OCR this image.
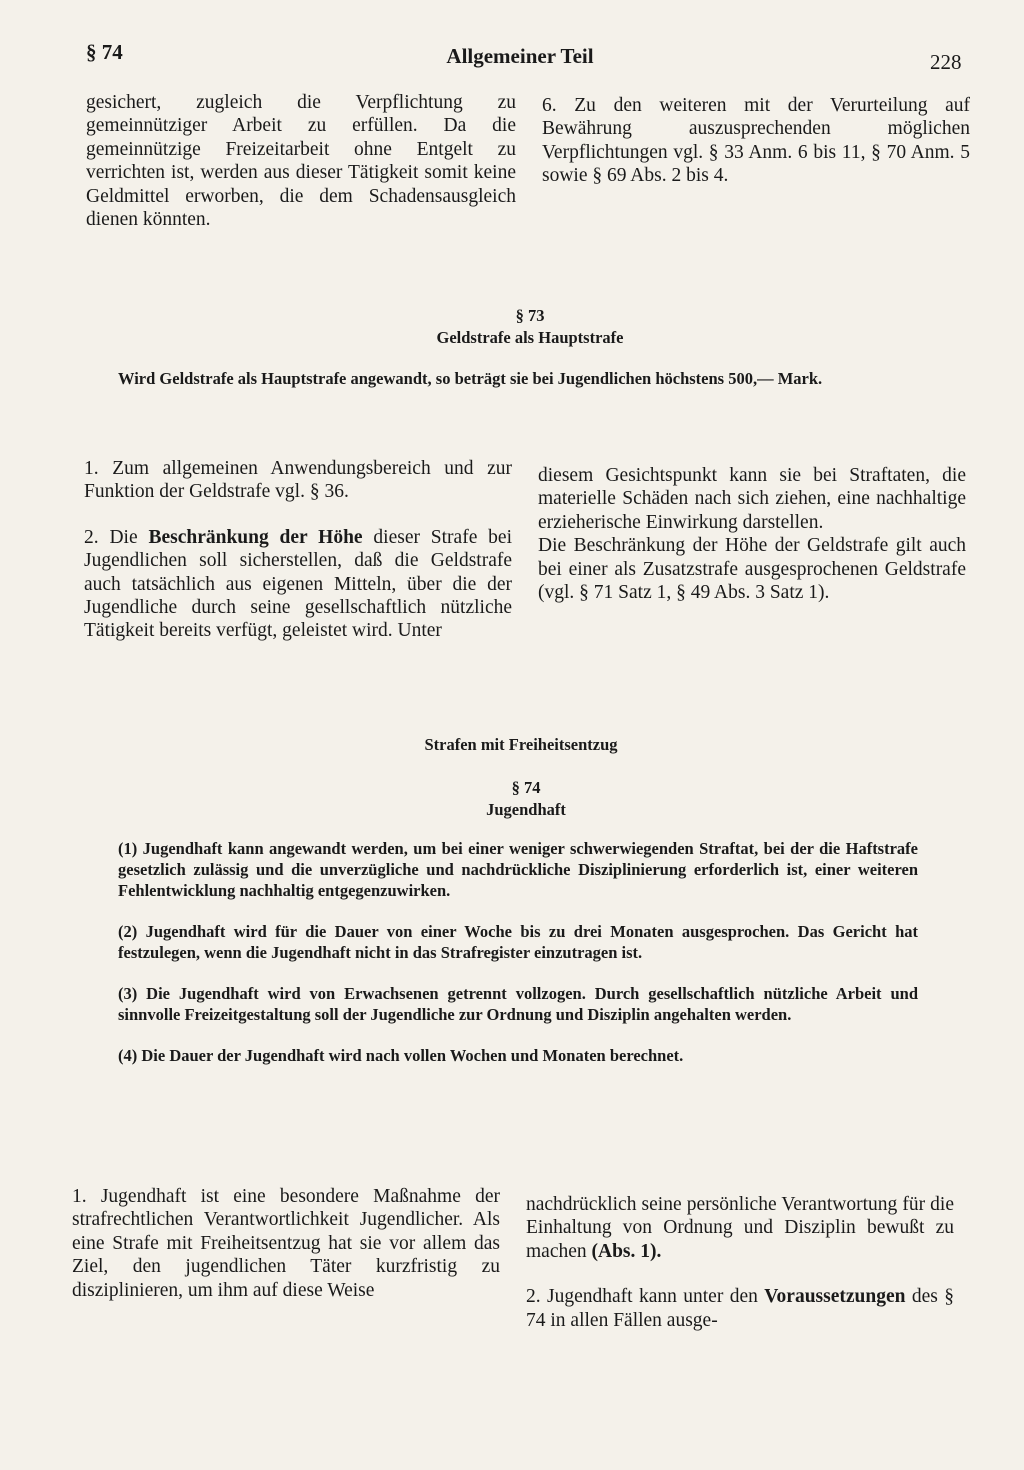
§ 74	Allgemeiner Teil	228

gesichert, zugleich die Verpflichtung zu gemeinnütziger Arbeit zu erfüllen. Da die gemeinnützige Freizeitarbeit ohne Entgelt zu verrichten ist, werden aus dieser Tätigkeit somit keine Geldmittel erworben, die dem Schadensausgleich dienen könnten.

6. Zu den weiteren mit der Verurteilung auf Bewährung auszusprechenden möglichen Verpflichtungen vgl. § 33 Anm. 6 bis 11, § 70 Anm. 5 sowie § 69 Abs. 2 bis 4.

§ 73
Geldstrafe als Hauptstrafe

Wird Geldstrafe als Hauptstrafe angewandt, so beträgt sie bei Jugendlichen höchstens 500,— Mark.

1. Zum allgemeinen Anwendungsbereich und zur Funktion der Geldstrafe vgl. § 36.

2. Die Beschränkung der Höhe dieser Strafe bei Jugendlichen soll sicherstellen, daß die Geldstrafe auch tatsächlich aus eigenen Mitteln, über die der Jugendliche durch seine gesellschaftlich nützliche Tätigkeit bereits verfügt, geleistet wird. Unter

diesem Gesichtspunkt kann sie bei Straftaten, die materielle Schäden nach sich ziehen, eine nachhaltige erzieherische Einwirkung darstellen.

Die Beschränkung der Höhe der Geldstrafe gilt auch bei einer als Zusatzstrafe ausgesprochenen Geldstrafe (vgl. § 71 Satz 1, § 49 Abs. 3 Satz 1).

Strafen mit Freiheitsentzug
§ 74
Jugendhaft

(1) Jugendhaft kann angewandt werden, um bei einer weniger schwerwiegenden Straftat, bei der die Haftstrafe gesetzlich zulässig und die unverzügliche und nachdrückliche Disziplinierung erforderlich ist, einer weiteren Fehlentwicklung nachhaltig entgegenzuwirken.

(2) Jugendhaft wird für die Dauer von einer Woche bis zu drei Monaten ausgesprochen. Das Gericht hat festzulegen, wenn die Jugendhaft nicht in das Strafregister einzutragen ist.

(3) Die Jugendhaft wird von Erwachsenen getrennt vollzogen. Durch gesellschaftlich nützliche Arbeit und sinnvolle Freizeitgestaltung soll der Jugendliche zur Ordnung und Disziplin angehalten werden.

(4) Die Dauer der Jugendhaft wird nach vollen Wochen und Monaten berechnet.

1. Jugendhaft ist eine besondere Maßnahme der strafrechtlichen Verantwortlichkeit Jugendlicher. Als eine Strafe mit Freiheitsentzug hat sie vor allem das Ziel, den jugendlichen Täter kurzfristig zu disziplinieren, um ihm auf diese Weise

nachdrücklich seine persönliche Verantwortung für die Einhaltung von Ordnung und Disziplin bewußt zu machen (Abs. 1).

2. Jugendhaft kann unter den Voraussetzungen des § 74 in allen Fällen ausge-
